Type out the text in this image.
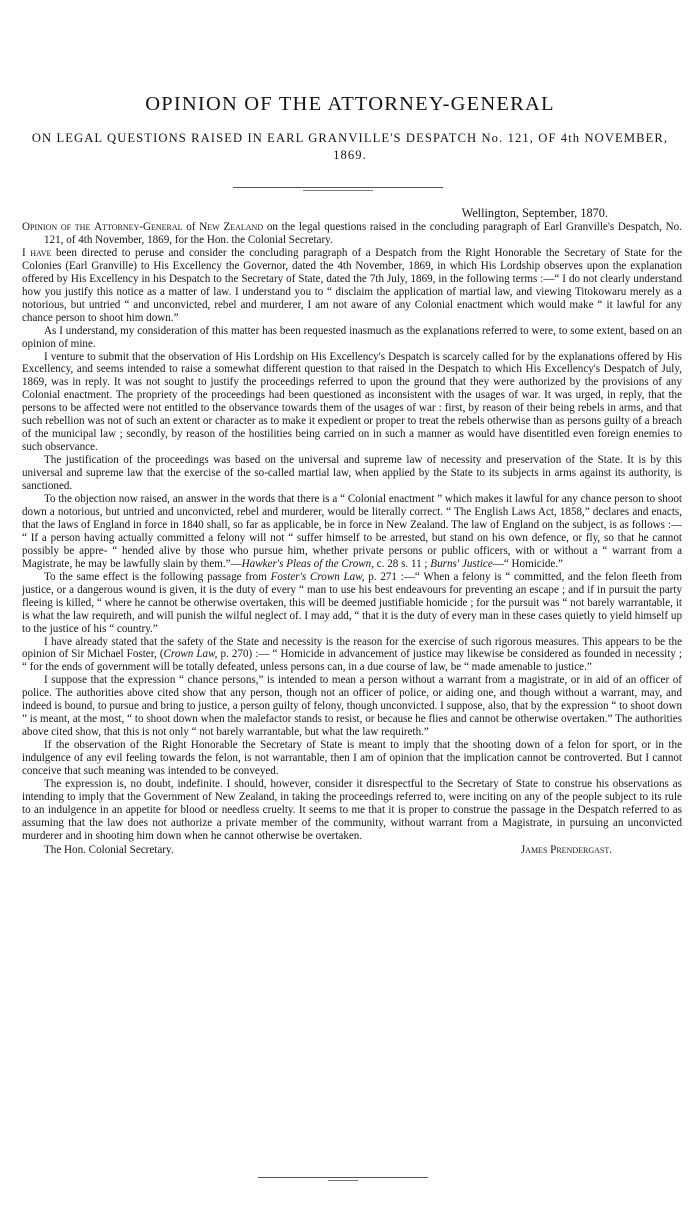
OPINION OF THE ATTORNEY-GENERAL
ON LEGAL QUESTIONS RAISED IN EARL GRANVILLE'S DESPATCH No. 121, OF 4th NOVEMBER, 1869.
Wellington, September, 1870.

Opinion of the Attorney-General of New Zealand on the legal questions raised in the concluding paragraph of Earl Granville's Despatch, No. 121, of 4th November, 1869, for the Hon. the Colonial Secretary.

I have been directed to peruse and consider the concluding paragraph of a Despatch from the Right Honorable the Secretary of State for the Colonies (Earl Granville) to His Excellency the Governor, dated the 4th November, 1869, in which His Lordship observes upon the explanation offered by His Excellency in his Despatch to the Secretary of State, dated the 7th July, 1869, in the following terms :—“ I do not clearly understand how you justify this notice as a matter of law. I understand you to “ disclaim the application of martial law, and viewing Titokowaru merely as a notorious, but untried “ and unconvicted, rebel and murderer, I am not aware of any Colonial enactment which would make “ it lawful for any chance person to shoot him down.”

As I understand, my consideration of this matter has been requested inasmuch as the explanations referred to were, to some extent, based on an opinion of mine.

I venture to submit that the observation of His Lordship on His Excellency's Despatch is scarcely called for by the explanations offered by His Excellency, and seems intended to raise a somewhat different question to that raised in the Despatch to which His Excellency's Despatch of July, 1869, was in reply. It was not sought to justify the proceedings referred to upon the ground that they were authorized by the provisions of any Colonial enactment. The propriety of the proceedings had been questioned as inconsistent with the usages of war. It was urged, in reply, that the persons to be affected were not entitled to the observance towards them of the usages of war : first, by reason of their being rebels in arms, and that such rebellion was not of such an extent or character as to make it expedient or proper to treat the rebels otherwise than as persons guilty of a breach of the municipal law ; secondly, by reason of the hostilities being carried on in such a manner as would have disentitled even foreign enemies to such observance.

The justification of the proceedings was based on the universal and supreme law of necessity and preservation of the State. It is by this universal and supreme law that the exercise of the so-called martial law, when applied by the State to its subjects in arms against its authority, is sanctioned.

To the objection now raised, an answer in the words that there is a “ Colonial enactment ” which makes it lawful for any chance person to shoot down a notorious, but untried and unconvicted, rebel and murderer, would be literally correct. “ The English Laws Act, 1858,” declares and enacts, that the laws of England in force in 1840 shall, so far as applicable, be in force in New Zealand. The law of England on the subject, is as follows :— “ If a person having actually committed a felony will not “ suffer himself to be arrested, but stand on his own defence, or fly, so that he cannot possibly be appre- “ hended alive by those who pursue him, whether private persons or public officers, with or without a “ warrant from a Magistrate, he may be lawfully slain by them.”—Hawker's Pleas of the Crown, c. 28 s. 11 ; Burns' Justice—“ Homicide.”

To the same effect is the following passage from Foster's Crown Law, p. 271 :—“ When a felony is “ committed, and the felon fleeth from justice, or a dangerous wound is given, it is the duty of every “ man to use his best endeavours for preventing an escape ; and if in pursuit the party fleeing is killed, “ where he cannot be otherwise overtaken, this will be deemed justifiable homicide ; for the pursuit was “ not barely warrantable, it is what the law requireth, and will punish the wilful neglect of. I may add, “ that it is the duty of every man in these cases quietly to yield himself up to the justice of his “ country.”

I have already stated that the safety of the State and necessity is the reason for the exercise of such rigorous measures. This appears to be the opinion of Sir Michael Foster, (Crown Law, p. 270) :— “ Homicide in advancement of justice may likewise be considered as founded in necessity ; “ for the ends of government will be totally defeated, unless persons can, in a due course of law, be “ made amenable to justice.”

I suppose that the expression “ chance persons,” is intended to mean a person without a warrant from a magistrate, or in aid of an officer of police. The authorities above cited show that any person, though not an officer of police, or aiding one, and though without a warrant, may, and indeed is bound, to pursue and bring to justice, a person guilty of felony, though unconvicted. I suppose, also, that by the expression “ to shoot down ” is meant, at the most, “ to shoot down when the malefactor stands to resist, or because he flies and cannot be otherwise overtaken.” The authorities above cited show, that this is not only “ not barely warrantable, but what the law requireth.”

If the observation of the Right Honorable the Secretary of State is meant to imply that the shooting down of a felon for sport, or in the indulgence of any evil feeling towards the felon, is not warrantable, then I am of opinion that the implication cannot be controverted. But I cannot conceive that such meaning was intended to be conveyed.

The expression is, no doubt, indefinite. I should, however, consider it disrespectful to the Secretary of State to construe his observations as intending to imply that the Government of New Zealand, in taking the proceedings referred to, were inciting on any of the people subject to its rule to an indulgence in an appetite for blood or needless cruelty. It seems to me that it is proper to construe the passage in the Despatch referred to as assuming that the law does not authorize a private member of the community, without warrant from a Magistrate, in pursuing an unconvicted murderer and in shooting him down when he cannot otherwise be overtaken.

The Hon. Colonial Secretary.	James Prendergast.
